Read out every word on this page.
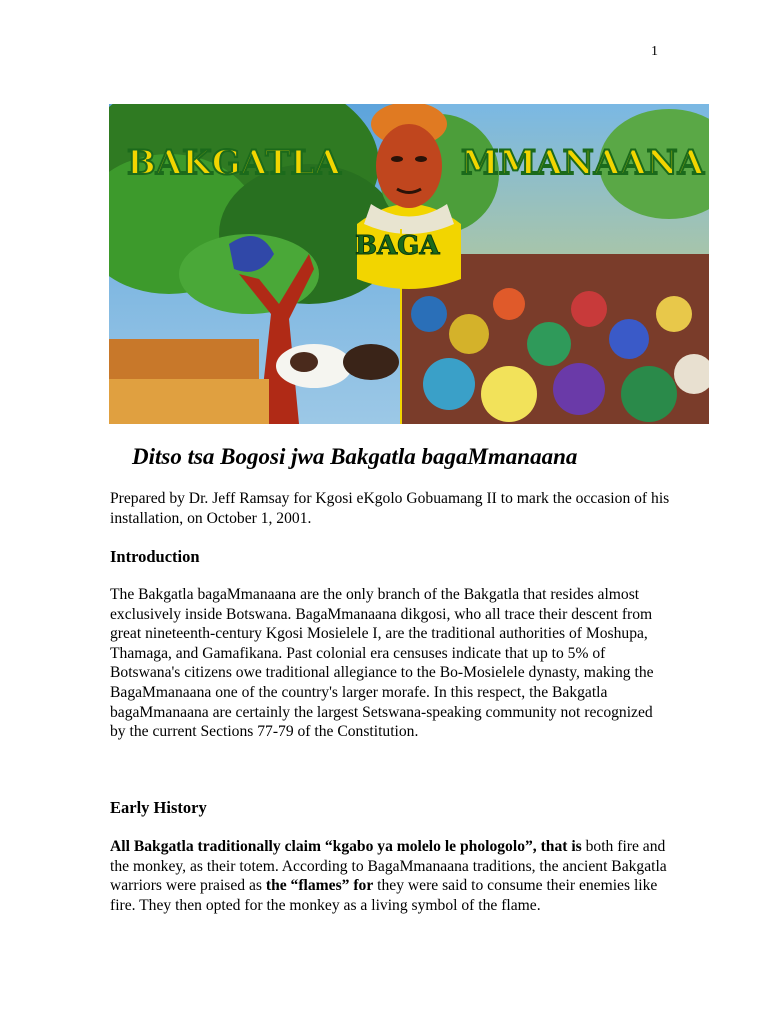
1
BAKGATLA	MMANAANA
BAGA
Ditso tsa Bogosi jwa Bakgatla bagaMmanaana
Prepared by Dr. Jeff Ramsay for Kgosi eKgolo Gobuamang II to mark the occasion of his installation, on October 1, 2001.
Introduction
The Bakgatla bagaMmanaana are the only branch of the Bakgatla that resides almost exclusively inside Botswana. BagaMmanaana dikgosi, who all trace their descent from great nineteenth-century Kgosi Mosielele I, are the traditional authorities of Moshupa, Thamaga, and Gamafikana. Past colonial era censuses indicate that up to 5% of Botswana's citizens owe traditional allegiance to the Bo-Mosielele dynasty, making the BagaMmanaana one of the country's larger morafe. In this respect, the Bakgatla bagaMmanaana are certainly the largest Setswana-speaking community not recognized by the current Sections 77-79 of the Constitution.
Early History
All Bakgatla traditionally claim “kgabo ya molelo le phologolo”, that is both fire and the monkey, as their totem. According to BagaMmanaana traditions, the ancient Bakgatla warriors were praised as the “flames” for they were said to consume their enemies like fire. They then opted for the monkey as a living symbol of the flame.
